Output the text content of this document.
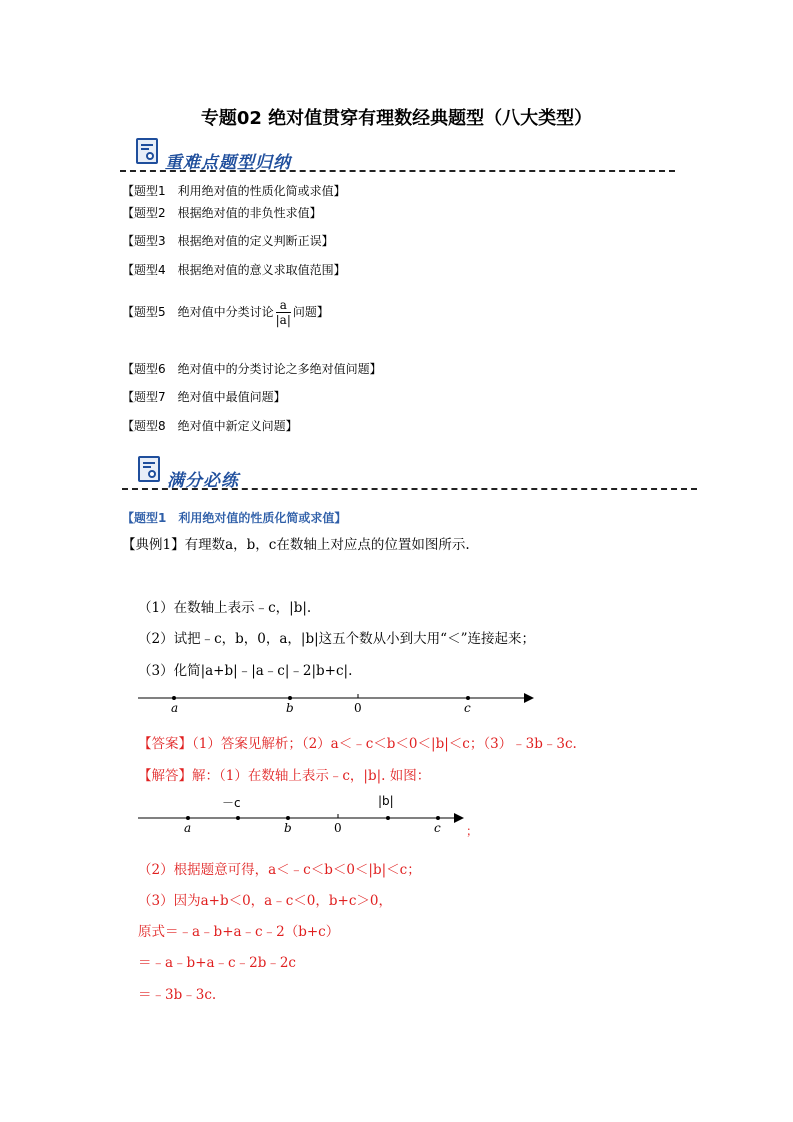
专题02 绝对值贯穿有理数经典题型（八大类型）
重难点题型归纳
【题型1　利用绝对值的性质化简或求值】
【题型2　根据绝对值的非负性求值】
【题型3　根据绝对值的定义判断正误】
【题型4　根据绝对值的意义求取值范围】
【题型5　绝对值中分类讨论 $\frac{a}{|a|}$ 问题】
【题型6　绝对值中的分类讨论之多绝对值问题】
【题型7　绝对值中最值问题】
【题型8　绝对值中新定义问题】
满分必练
【题型1　利用绝对值的性质化简或求值】
【典例1】有理数a，b，c在数轴上对应点的位置如图所示.
（1）在数轴上表示﹣c，|b|.
（2）试把﹣c，b，0，a，|b|这五个数从小到大用“＜”连接起来；
（3）化简|a+b|﹣|a﹣c|﹣2|b+c|.
a	b	0	c
【答案】（1）答案见解析；（2）a＜﹣c＜b＜0＜|b|＜c；（3）﹣3b﹣3c.
【解答】解：（1）在数轴上表示﹣c，|b|. 如图：
－c	|b|
a	b	0	c ；
（2）根据题意可得，a＜﹣c＜b＜0＜|b|＜c；
（3）因为a+b＜0，a﹣c＜0，b+c＞0，
原式＝﹣a﹣b+a﹣c﹣2（b+c）
＝﹣a﹣b+a﹣c﹣2b﹣2c
＝﹣3b﹣3c.
